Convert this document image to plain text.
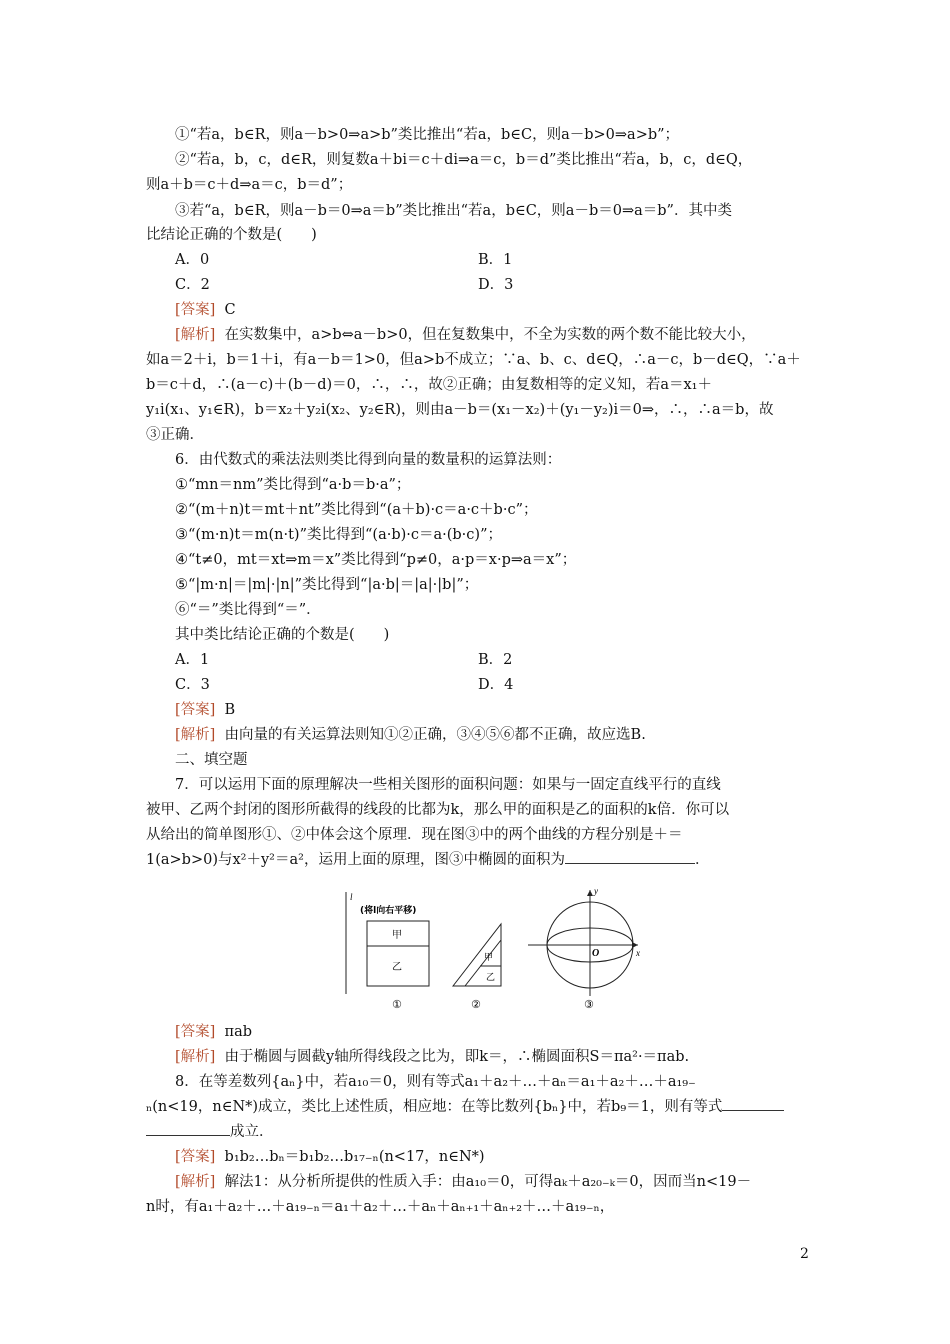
①“若a，b∈R，则a－b>0⇒a>b”类比推出“若a，b∈C，则a－b>0⇒a>b”；
②“若a，b，c，d∈R，则复数a＋bi＝c＋di⇒a＝c，b＝d”类比推出“若a，b，c，d∈Q，
则a＋b＝c＋d⇒a＝c，b＝d”；
③若“a，b∈R，则a－b＝0⇒a＝b”类比推出“若a，b∈C，则a－b＝0⇒a＝b”．其中类
比结论正确的个数是(　　)
A．0	B．1
C．2	D．3
[答案] C
[解析] 在实数集中，a>b⇔a－b>0，但在复数集中，不全为实数的两个数不能比较大小，
如a＝2＋i，b＝1＋i，有a－b＝1>0，但a>b不成立；∵a、b、c、d∈Q，∴a－c，b－d∈Q，∵a＋
b＝c＋d，∴(a－c)＋(b－d)＝0，∴，∴，故②正确；由复数相等的定义知，若a＝x₁＋
y₁i(x₁、y₁∈R)，b＝x₂＋y₂i(x₂、y₂∈R)，则由a－b＝(x₁－x₂)＋(y₁－y₂)i＝0⇒，∴，∴a＝b，故
③正确．
6．由代数式的乘法法则类比得到向量的数量积的运算法则：
①“mn＝nm”类比得到“a·b＝b·a”；
②“(m＋n)t＝mt＋nt”类比得到“(a＋b)·c＝a·c＋b·c”；
③“(m·n)t＝m(n·t)”类比得到“(a·b)·c＝a·(b·c)”；
④“t≠0，mt＝xt⇒m＝x”类比得到“p≠0，a·p＝x·p⇒a＝x”；
⑤“|m·n|＝|m|·|n|”类比得到“|a·b|＝|a|·|b|”；
⑥“＝”类比得到“＝”．
其中类比结论正确的个数是(　　)
A．1	B．2
C．3	D．4
[答案] B
[解析] 由向量的有关运算法则知①②正确，③④⑤⑥都不正确，故应选B.
二、填空题
7．可以运用下面的原理解决一些相关图形的面积问题：如果与一固定直线平行的直线
被甲、乙两个封闭的图形所截得的线段的比都为k，那么甲的面积是乙的面积的k倍．你可以
从给出的简单图形①、②中体会这个原理．现在图③中的两个曲线的方程分别是＋＝
1(a>b>0)与x²＋y²＝a²，运用上面的原理，图③中椭圆的面积为	．
l
(将l向右平移)
甲
乙
①
甲
乙
②
y
x
O
③
[答案] πab
[解析] 由于椭圆与圆截y轴所得线段之比为，即k＝，∴椭圆面积S＝πa²·＝πab.
8．在等差数列{aₙ}中，若a₁₀＝0，则有等式a₁＋a₂＋…＋aₙ＝a₁＋a₂＋…＋a₁₉₋
ₙ(n<19，n∈N*)成立，类比上述性质，相应地：在等比数列{bₙ}中，若b₉＝1，则有等式
成立．
[答案] b₁b₂…bₙ＝b₁b₂…b₁₇₋ₙ(n<17，n∈N*)
[解析] 解法1：从分析所提供的性质入手：由a₁₀＝0，可得aₖ＋a₂₀₋ₖ＝0，因而当n<19－
n时，有a₁＋a₂＋…＋a₁₉₋ₙ＝a₁＋a₂＋…＋aₙ＋aₙ₊₁＋aₙ₊₂＋…＋a₁₉₋ₙ，
2
